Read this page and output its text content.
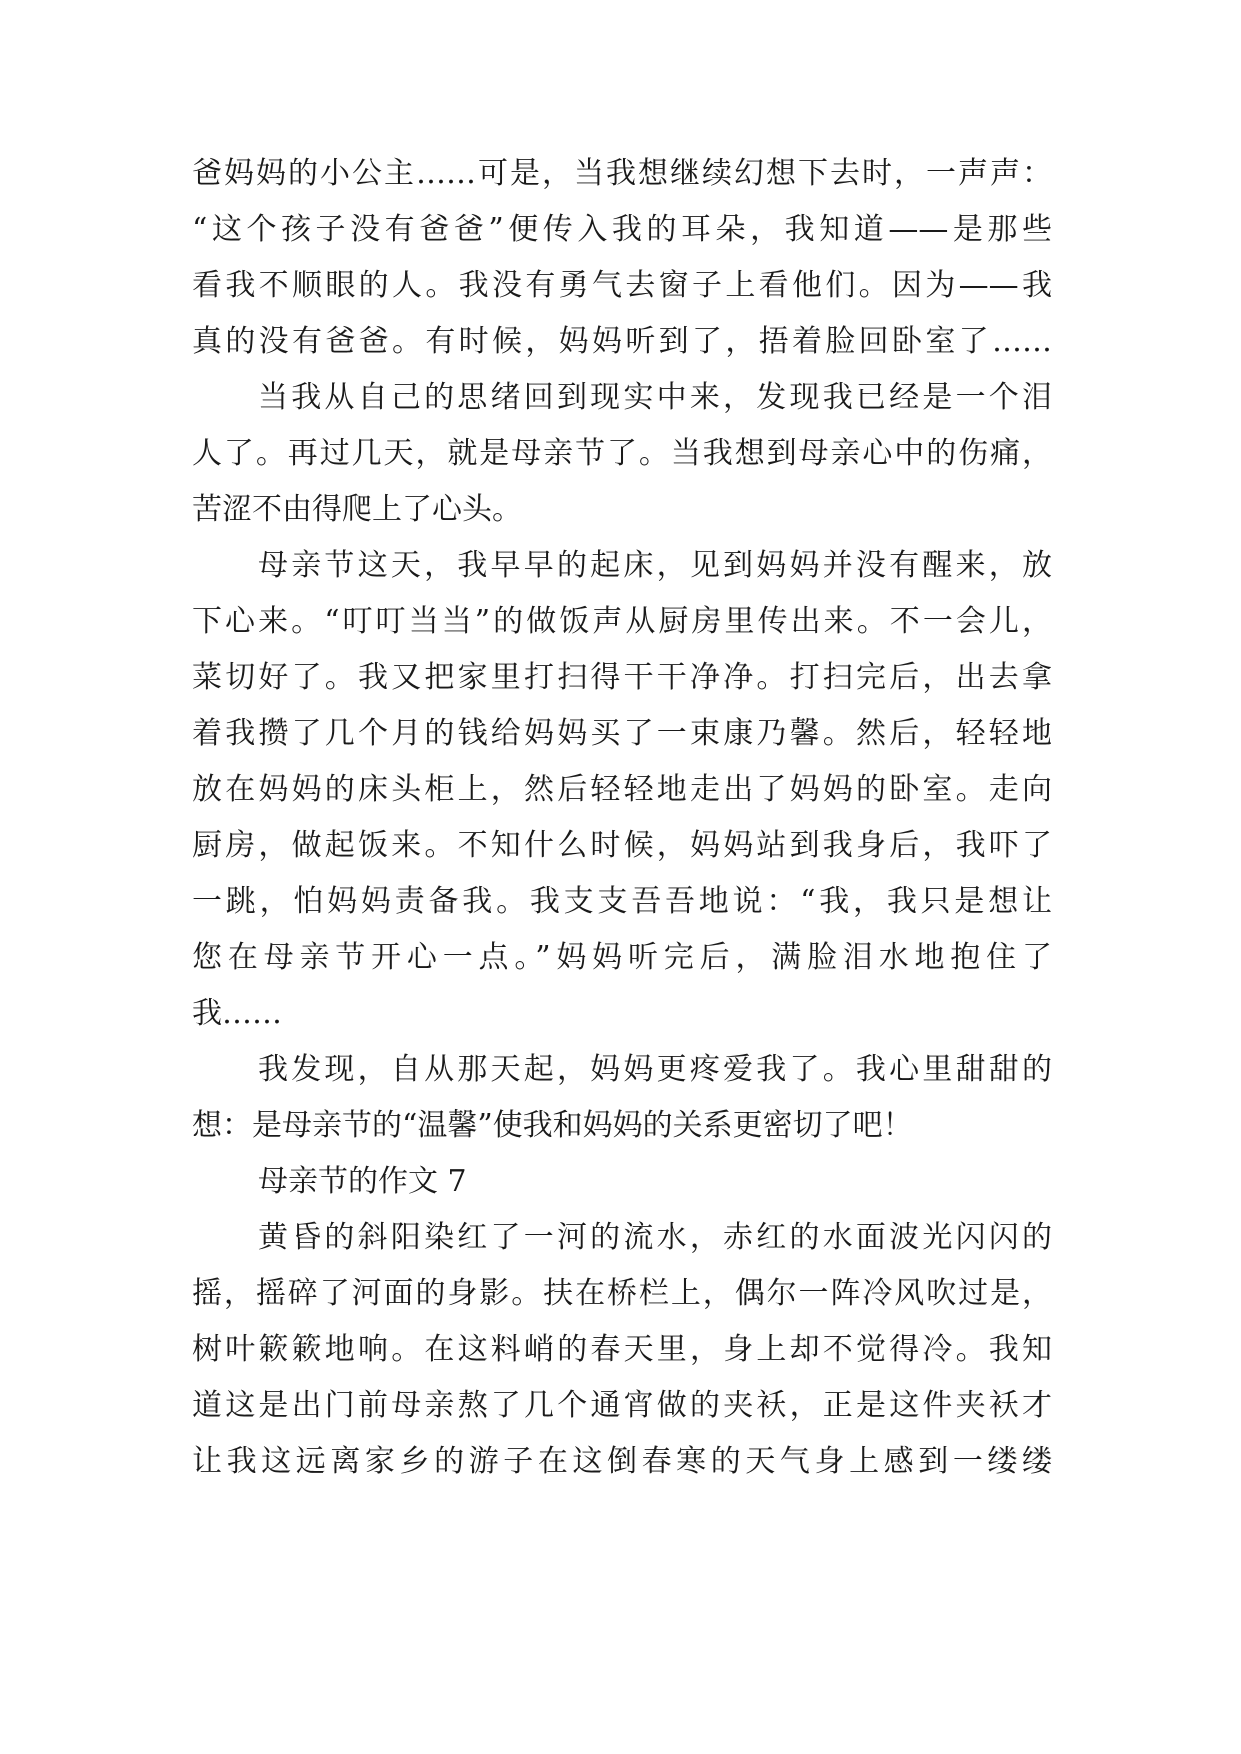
爸妈妈的小公主……可是，当我想继续幻想下去时，一声声：
“这个孩子没有爸爸”便传入我的耳朵，我知道——是那些
看我不顺眼的人。我没有勇气去窗子上看他们。因为——我
真的没有爸爸。有时候，妈妈听到了，捂着脸回卧室了……
当我从自己的思绪回到现实中来，发现我已经是一个泪
人了。再过几天，就是母亲节了。当我想到母亲心中的伤痛，
苦涩不由得爬上了心头。
母亲节这天，我早早的起床，见到妈妈并没有醒来，放
下心来。“叮叮当当”的做饭声从厨房里传出来。不一会儿，
菜切好了。我又把家里打扫得干干净净。打扫完后，出去拿
着我攒了几个月的钱给妈妈买了一束康乃馨。然后，轻轻地
放在妈妈的床头柜上，然后轻轻地走出了妈妈的卧室。走向
厨房，做起饭来。不知什么时候，妈妈站到我身后，我吓了
一跳，怕妈妈责备我。我支支吾吾地说：“我，我只是想让
您在母亲节开心一点。”妈妈听完后，满脸泪水地抱住了
我……
我发现，自从那天起，妈妈更疼爱我了。我心里甜甜的
想：是母亲节的“温馨”使我和妈妈的关系更密切了吧！
母亲节的作文 7
黄昏的斜阳染红了一河的流水，赤红的水面波光闪闪的
摇，摇碎了河面的身影。扶在桥栏上，偶尔一阵冷风吹过是，
树叶簌簌地响。在这料峭的春天里，身上却不觉得冷。我知
道这是出门前母亲熬了几个通宵做的夹袄，正是这件夹袄才
让我这远离家乡的游子在这倒春寒的天气身上感到一缕缕
